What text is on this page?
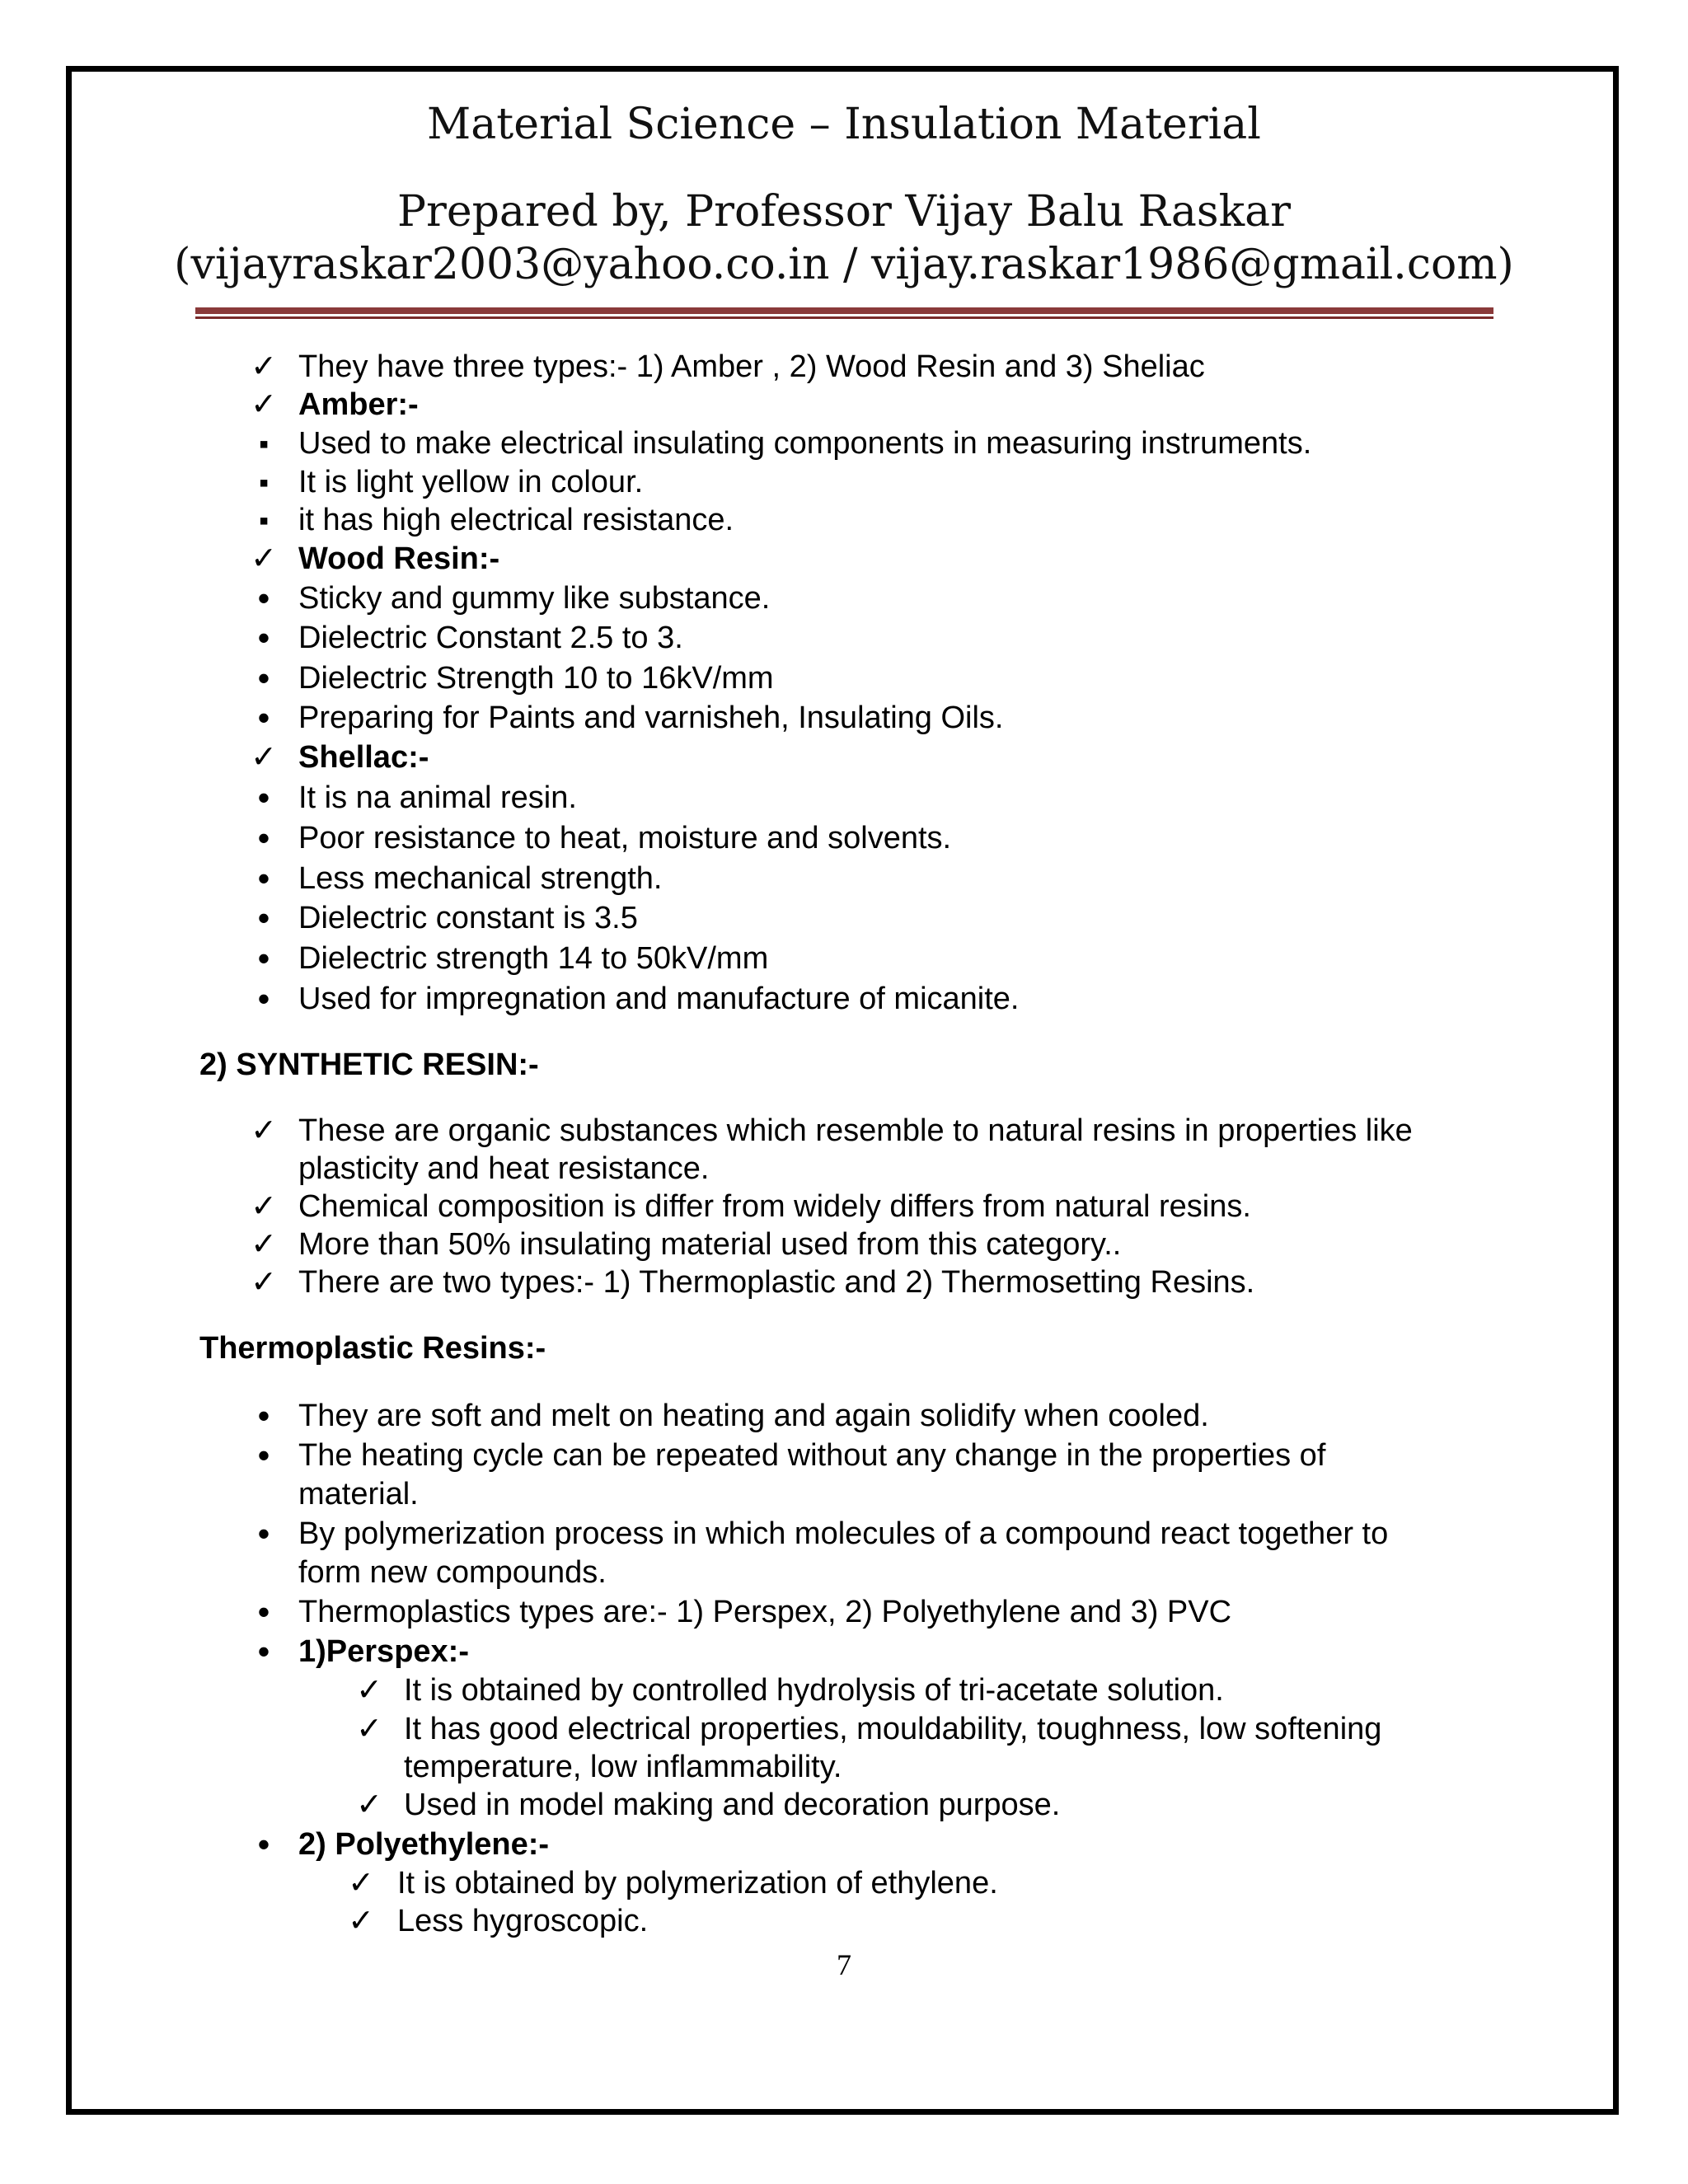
Material Science – Insulation Material
Prepared by, Professor Vijay Balu Raskar
(vijayraskar2003@yahoo.co.in / vijay.raskar1986@gmail.com)
✓
They have three types:- 1) Amber , 2) Wood Resin and 3) Sheliac
✓
Amber:-
▪
Used to make electrical insulating components in measuring instruments.
▪
It is light yellow in colour.
▪
it has high electrical resistance.
✓
Wood Resin:-
•
Sticky and gummy like substance.
•
Dielectric Constant 2.5 to 3.
•
Dielectric Strength 10 to 16kV/mm
•
Preparing for Paints and varnisheh, Insulating Oils.
✓
Shellac:-
•
It is na animal resin.
•
Poor resistance to heat, moisture and solvents.
•
Less mechanical strength.
•
Dielectric constant is 3.5
•
Dielectric strength 14 to 50kV/mm
•
Used for impregnation and manufacture of micanite.
2) SYNTHETIC RESIN:-
✓
These are organic substances which resemble to natural resins in properties like
plasticity and heat resistance.
✓
Chemical composition is differ from widely differs from natural resins.
✓
More than 50% insulating material used from this category..
✓
There are two types:- 1) Thermoplastic and 2) Thermosetting Resins.
Thermoplastic Resins:-
•
They are soft and melt on heating and again solidify when cooled.
•
The heating cycle can be repeated without any change in the properties of
material.
•
By polymerization process in which molecules of a compound react together to
form new compounds.
•
Thermoplastics types are:- 1) Perspex, 2) Polyethylene and 3) PVC
•
1)Perspex:-
✓
It is obtained by controlled hydrolysis of tri-acetate solution.
✓
It has good electrical properties, mouldability, toughness, low softening
temperature, low inflammability.
✓
Used in model making and decoration purpose.
•
2) Polyethylene:-
✓
It is obtained by polymerization of ethylene.
✓
Less hygroscopic.
7
